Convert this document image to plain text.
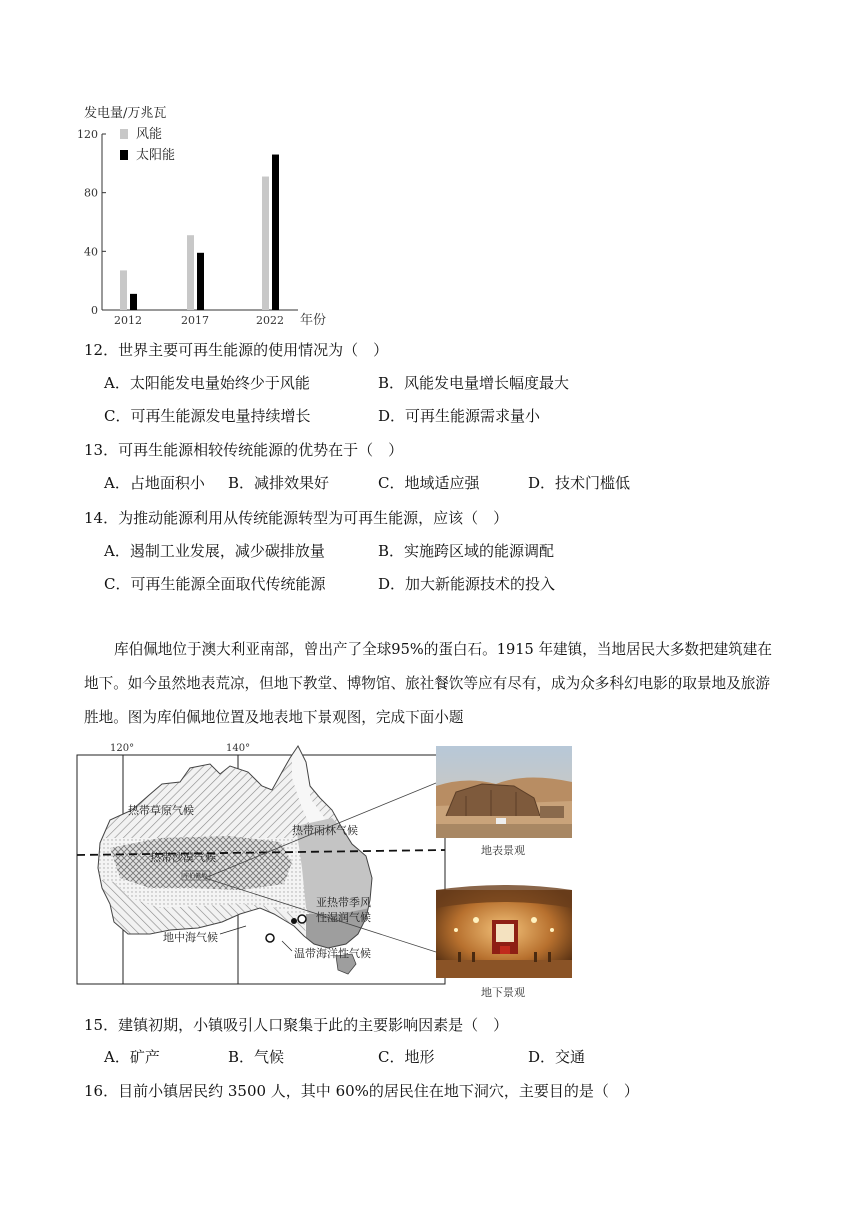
发电量/万兆瓦
0
40
80
120
2012	2017	2022 年份
风能
太阳能
12．世界主要可再生能源的使用情况为（　）
A．太阳能发电量始终少于风能	B．风能发电量增长幅度最大
C．可再生能源发电量持续增长	D．可再生能源需求量小
13．可再生能源相较传统能源的优势在于（　）
A．占地面积小 B．减排效果好	C．地域适应强	D．技术门槛低
14．为推动能源利用从传统能源转型为可再生能源，应该（　）
A．遏制工业发展，减少碳排放量	B．实施跨区域的能源调配
C．可再生能源全面取代传统能源	D．加大新能源技术的投入
库伯佩地位于澳大利亚南部，曾出产了全球95%的蛋白石。1915 年建镇，当地居民大多数把建筑建在地下。如今虽然地表荒凉，但地下教堂、博物馆、旅社餐饮等应有尽有，成为众多科幻电影的取景地及旅游胜地。图为库伯佩地位置及地表地下景观图，完成下面小题
120°	140°
热带草原气候
热带雨林气候
热带沙漠气候
库伯佩地
亚热带季风
性湿润气候
地中海气候
温带海洋性气候
地表景观
地下景观
15．建镇初期，小镇吸引人口聚集于此的主要影响因素是（　）
A．矿产	B．气候	C．地形	D．交通
16．目前小镇居民约 3500 人，其中 60%的居民住在地下洞穴，主要目的是（　）
